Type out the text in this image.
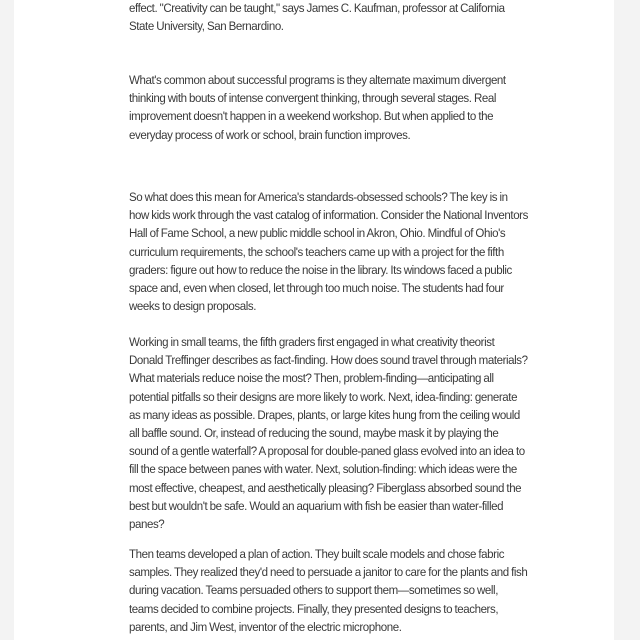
effect. "Creativity can be taught," says James C. Kaufman, professor at California State University, San Bernardino.

What's common about successful programs is they alternate maximum divergent thinking with bouts of intense convergent thinking, through several stages. Real improvement doesn't happen in a weekend workshop. But when applied to the everyday process of work or school, brain function improves.

So what does this mean for America's standards-obsessed schools? The key is in how kids work through the vast catalog of information. Consider the National Inventors Hall of Fame School, a new public middle school in Akron, Ohio. Mindful of Ohio's curriculum requirements, the school's teachers came up with a project for the fifth graders: figure out how to reduce the noise in the library. Its windows faced a public space and, even when closed, let through too much noise. The students had four weeks to design proposals.

Working in small teams, the fifth graders first engaged in what creativity theorist Donald Treffinger describes as fact-finding. How does sound travel through materials? What materials reduce noise the most? Then, problem-finding—anticipating all potential pitfalls so their designs are more likely to work. Next, idea-finding: generate as many ideas as possible. Drapes, plants, or large kites hung from the ceiling would all baffle sound. Or, instead of reducing the sound, maybe mask it by playing the sound of a gentle waterfall? A proposal for double-paned glass evolved into an idea to fill the space between panes with water. Next, solution-finding: which ideas were the most effective, cheapest, and aesthetically pleasing? Fiberglass absorbed sound the best but wouldn't be safe. Would an aquarium with fish be easier than water-filled panes?

Then teams developed a plan of action. They built scale models and chose fabric samples. They realized they'd need to persuade a janitor to care for the plants and fish during vacation. Teams persuaded others to support them—sometimes so well, teams decided to combine projects. Finally, they presented designs to teachers, parents, and Jim West, inventor of the electric microphone.
